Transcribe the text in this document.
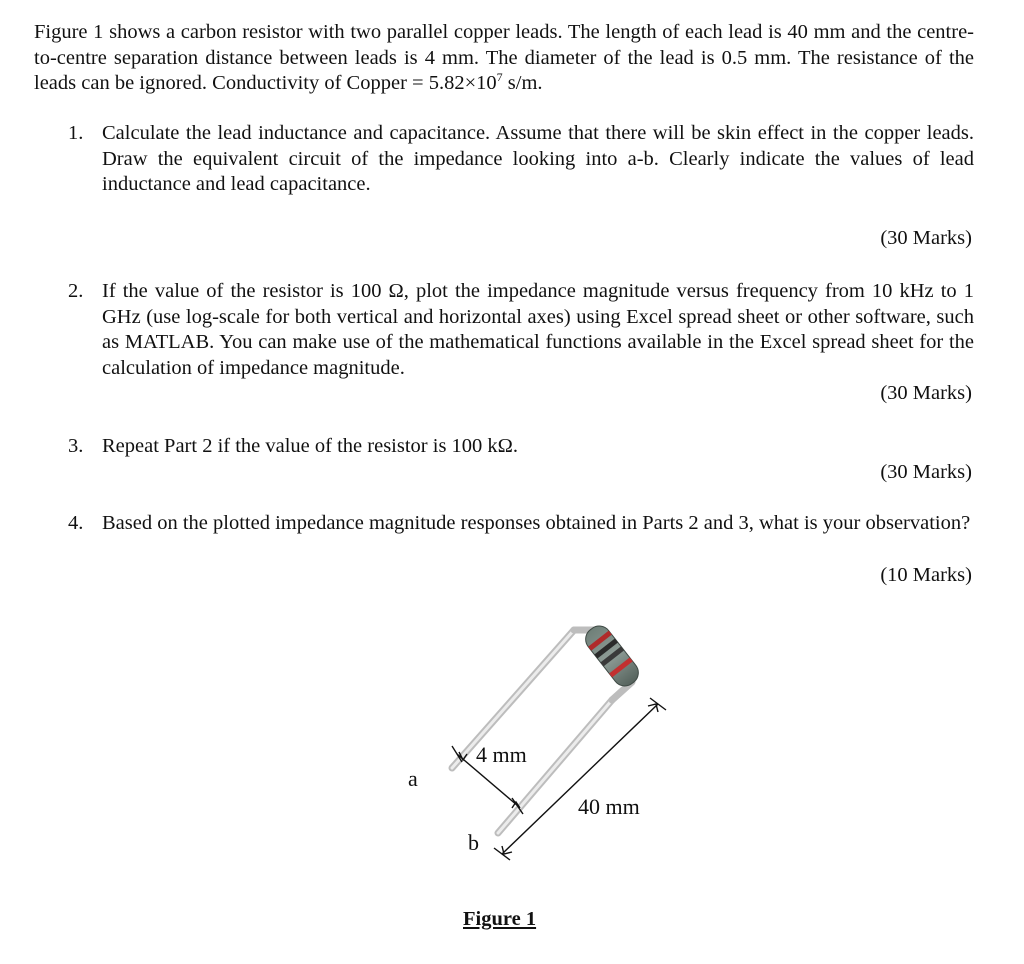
Figure 1 shows a carbon resistor with two parallel copper leads. The length of each lead is 40 mm and the centre-to-centre separation distance between leads is 4 mm. The diameter of the lead is 0.5 mm. The resistance of the leads can be ignored. Conductivity of Copper = $5.82\times 10^7$ s/m.
1. Calculate the lead inductance and capacitance. Assume that there will be skin effect in the copper leads. Draw the equivalent circuit of the impedance looking into a-b. Clearly indicate the values of lead inductance and lead capacitance.
(30 Marks)
2. If the value of the resistor is 100 Ω, plot the impedance magnitude versus frequency from 10 kHz to 1 GHz (use log-scale for both vertical and horizontal axes) using Excel spread sheet or other software, such as MATLAB. You can make use of the mathematical functions available in the Excel spread sheet for the calculation of impedance magnitude.
(30 Marks)
3. Repeat Part 2 if the value of the resistor is 100 kΩ.
(30 Marks)
4. Based on the plotted impedance magnitude responses obtained in Parts 2 and 3, what is your observation?
(10 Marks)
a
b
4 mm
40 mm
Figure 1
